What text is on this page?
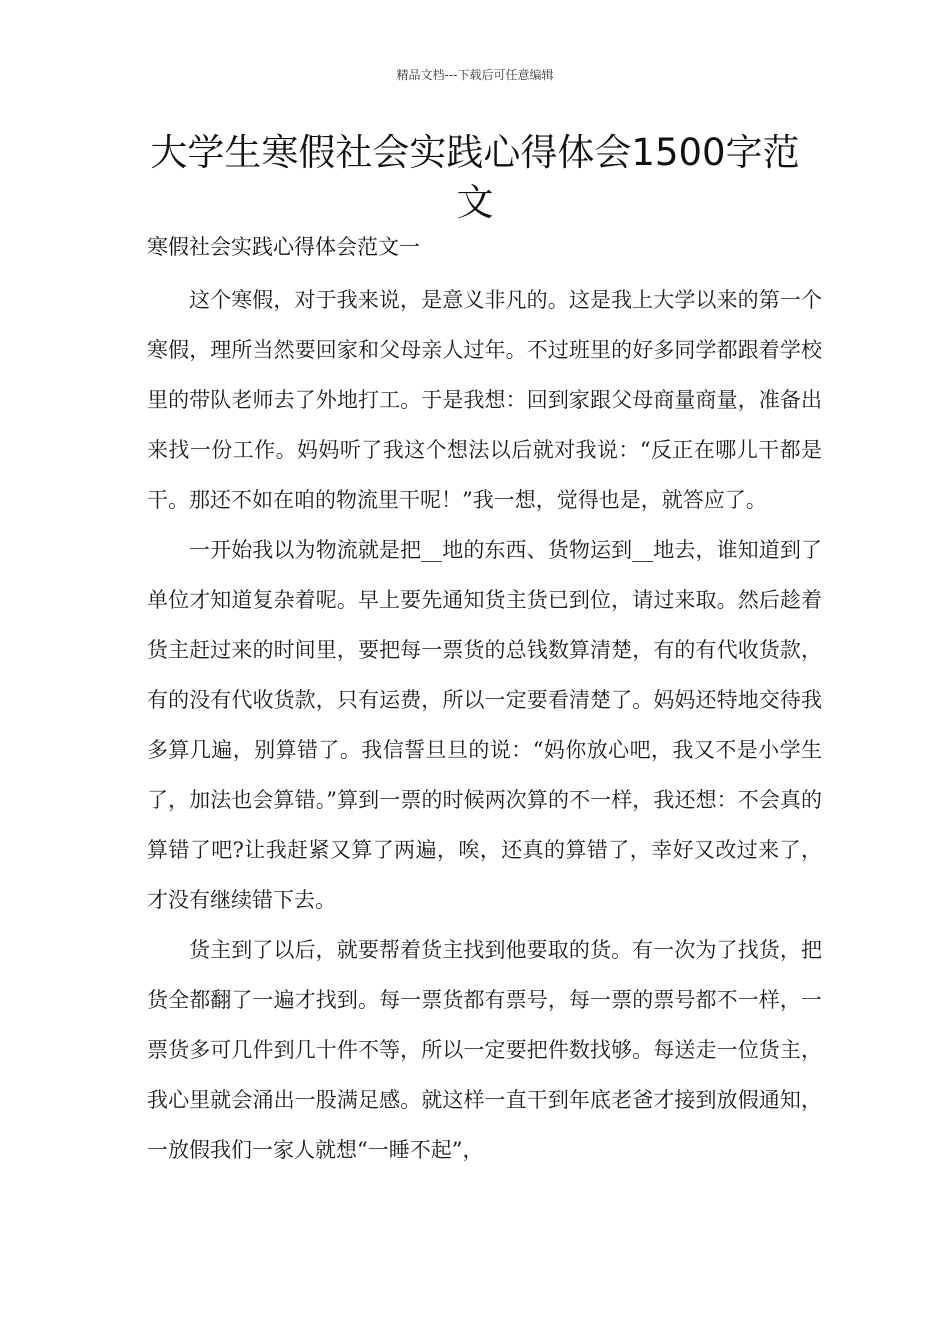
精品文档---下载后可任意编辑
大学生寒假社会实践心得体会1500字范文
寒假社会实践心得体会范文一

这个寒假，对于我来说，是意义非凡的。这是我上大学以来的第一个寒假，理所当然要回家和父母亲人过年。不过班里的好多同学都跟着学校里的带队老师去了外地打工。于是我想：回到家跟父母商量商量，准备出来找一份工作。妈妈听了我这个想法以后就对我说：“反正在哪儿干都是干。那还不如在咱的物流里干呢！”我一想，觉得也是，就答应了。

一开始我以为物流就是把__地的东西、货物运到__地去，谁知道到了单位才知道复杂着呢。早上要先通知货主货已到位，请过来取。然后趁着货主赶过来的时间里，要把每一票货的总钱数算清楚，有的有代收货款，有的没有代收货款，只有运费，所以一定要看清楚了。妈妈还特地交待我多算几遍，别算错了。我信誓旦旦的说：“妈你放心吧，我又不是小学生了，加法也会算错。”算到一票的时候两次算的不一样，我还想：不会真的算错了吧?让我赶紧又算了两遍，唉，还真的算错了，幸好又改过来了，才没有继续错下去。

货主到了以后，就要帮着货主找到他要取的货。有一次为了找货，把货全都翻了一遍才找到。每一票货都有票号，每一票的票号都不一样，一票货多可几件到几十件不等，所以一定要把件数找够。每送走一位货主，我心里就会涌出一股满足感。就这样一直干到年底老爸才接到放假通知，一放假我们一家人就想“一睡不起”，
